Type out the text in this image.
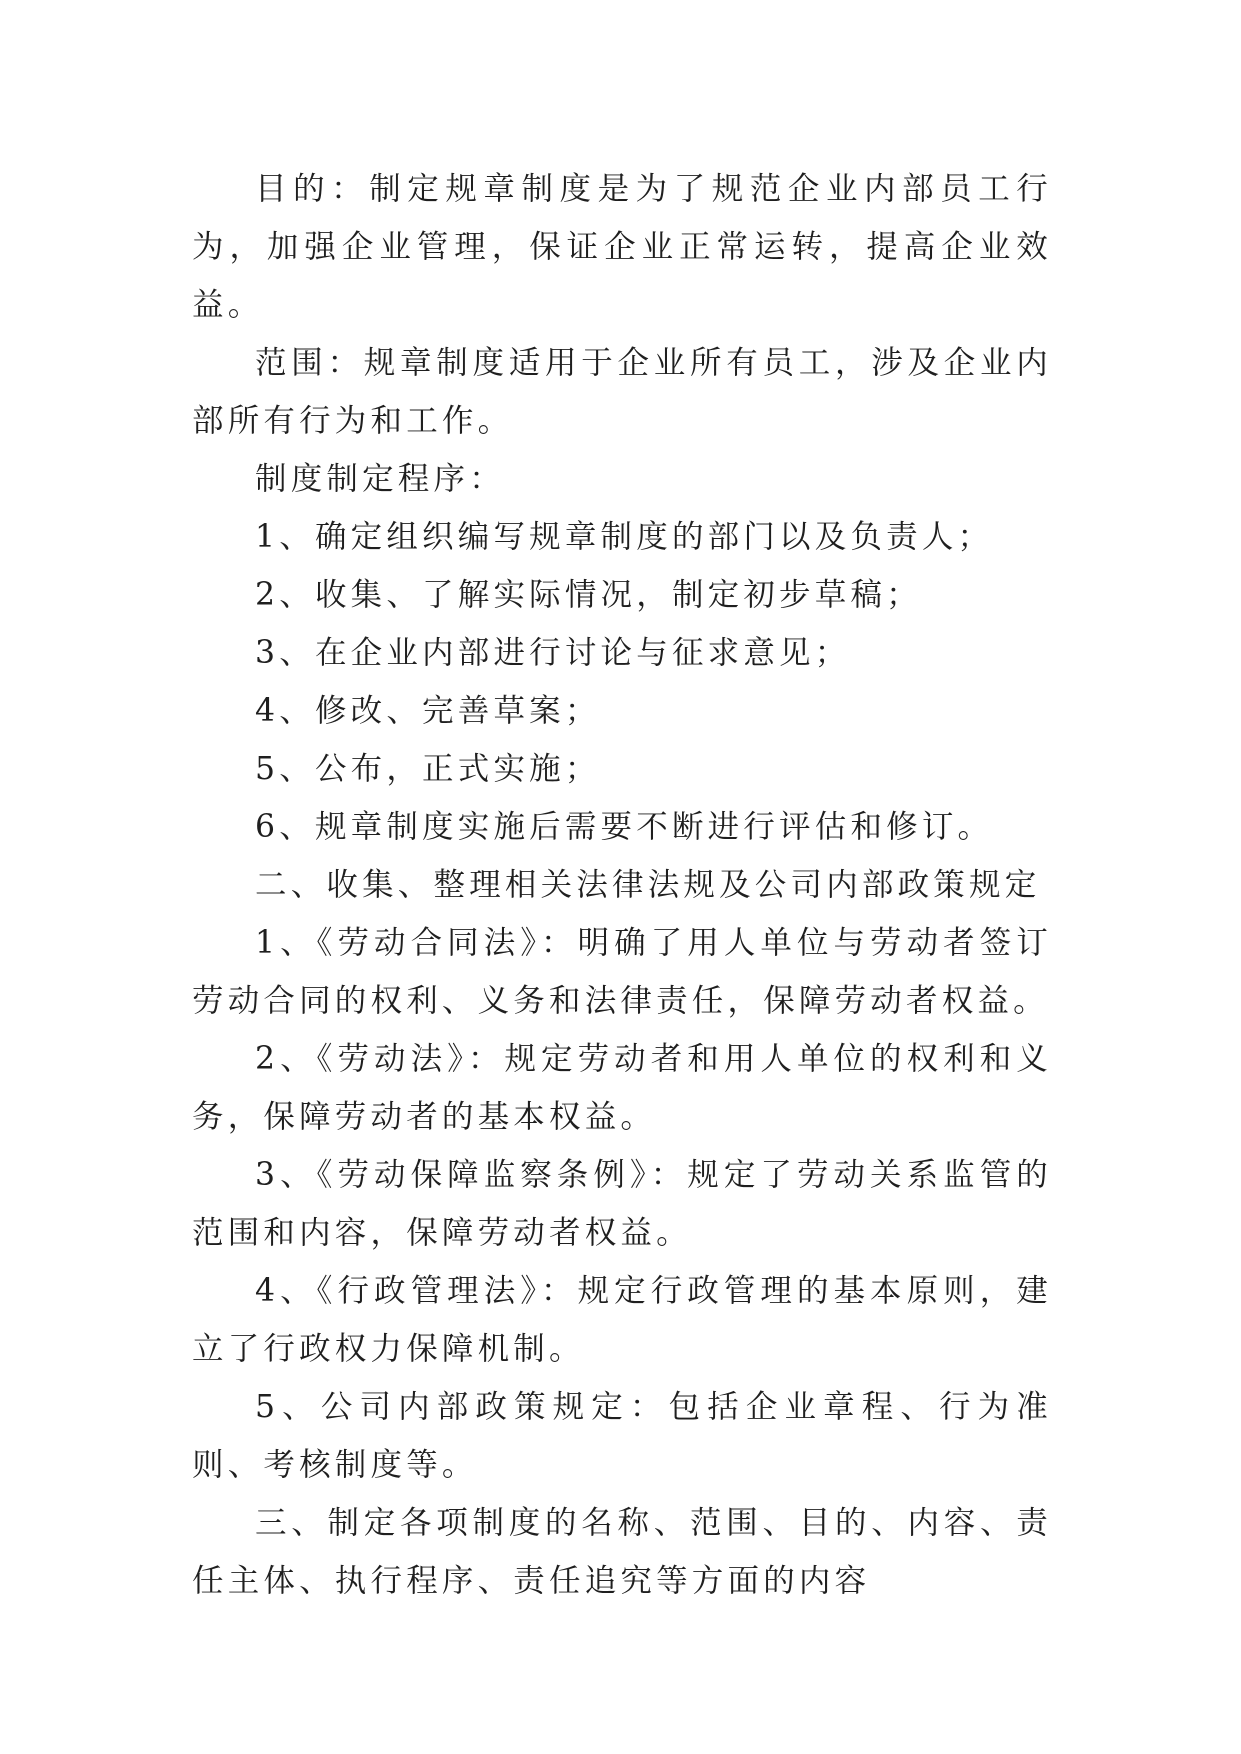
目的：制定规章制度是为了规范企业内部员工行为，加强企业管理，保证企业正常运转，提高企业效益。

范围：规章制度适用于企业所有员工，涉及企业内部所有行为和工作。

制度制定程序：

1、确定组织编写规章制度的部门以及负责人；

2、收集、了解实际情况，制定初步草稿；

3、在企业内部进行讨论与征求意见；

4、修改、完善草案；

5、公布，正式实施；

6、规章制度实施后需要不断进行评估和修订。

二、收集、整理相关法律法规及公司内部政策规定

1、《劳动合同法》：明确了用人单位与劳动者签订劳动合同的权利、义务和法律责任，保障劳动者权益。

2、《劳动法》：规定劳动者和用人单位的权利和义务，保障劳动者的基本权益。

3、《劳动保障监察条例》：规定了劳动关系监管的范围和内容，保障劳动者权益。

4、《行政管理法》：规定行政管理的基本原则，建立了行政权力保障机制。

5、公司内部政策规定：包括企业章程、行为准则、考核制度等。

三、制定各项制度的名称、范围、目的、内容、责任主体、执行程序、责任追究等方面的内容
